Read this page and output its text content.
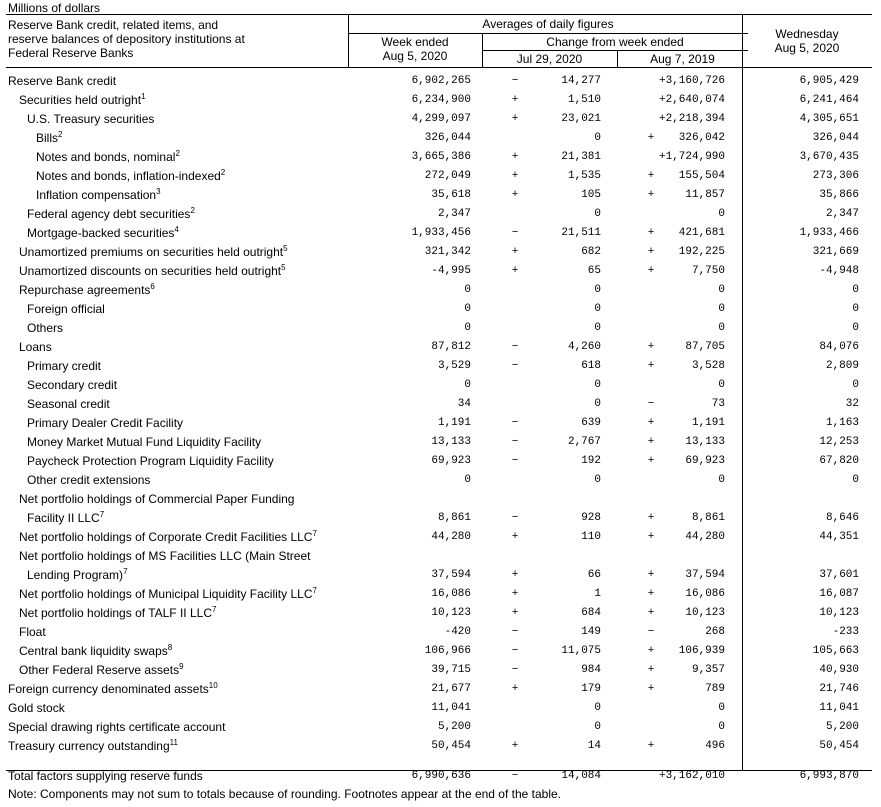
Millions of dollars
Reserve Bank credit, related items, and
reserve balances of depository institutions at
Federal Reserve Banks
Averages of daily figures
Week ended
Aug 5, 2020
Change from week ended
Jul 29, 2020	Aug 7, 2019
Wednesday
Aug 5, 2020
Reserve Bank credit	6,902,265	−	14,277	+3,160,726	6,905,429
Securities held outright$^1$	6,234,900	+	1,510	+2,640,074	6,241,464
U.S. Treasury securities	4,299,097	+	23,021	+2,218,394	4,305,651
Bills$^2$	326,044	0	+	326,042	326,044
Notes and bonds, nominal$^2$	3,665,386	+	21,381	+1,724,990	3,670,435
Notes and bonds, inflation-indexed$^2$	272,049	+	1,535	+	155,504	273,306
Inflation compensation$^3$	35,618	+	105	+	11,857	35,866
Federal agency debt securities$^2$	2,347	0	0	2,347
Mortgage-backed securities$^4$	1,933,456	−	21,511	+	421,681	1,933,466
Unamortized premiums on securities held outright$^5$	321,342	+	682	+	192,225	321,669
Unamortized discounts on securities held outright$^5$	-4,995	+	65	+	7,750	-4,948
Repurchase agreements$^6$	0	0	0	0
Foreign official	0	0	0	0
Others	0	0	0	0
Loans	87,812	−	4,260	+	87,705	84,076
Primary credit	3,529	−	618	+	3,528	2,809
Secondary credit	0	0	0	0
Seasonal credit	34	0	−	73	32
Primary Dealer Credit Facility	1,191	−	639	+	1,191	1,163
Money Market Mutual Fund Liquidity Facility	13,133	−	2,767	+	13,133	12,253
Paycheck Protection Program Liquidity Facility	69,923	−	192	+	69,923	67,820
Other credit extensions	0	0	0	0
Net portfolio holdings of Commercial Paper Funding
Facility II LLC$^7$	8,861	−	928	+	8,861	8,646
Net portfolio holdings of Corporate Credit Facilities LLC$^7$	44,280	+	110	+	44,280	44,351
Net portfolio holdings of MS Facilities LLC (Main Street
Lending Program)$^7$	37,594	+	66	+	37,594	37,601
Net portfolio holdings of Municipal Liquidity Facility LLC$^7$	16,086	+	1	+	16,086	16,087
Net portfolio holdings of TALF II LLC$^7$	10,123	+	684	+	10,123	10,123
Float	-420	−	149	−	268	-233
Central bank liquidity swaps$^8$	106,966	−	11,075	+	106,939	105,663
Other Federal Reserve assets$^9$	39,715	−	984	+	9,357	40,930
Foreign currency denominated assets$^{10}$	21,677	+	179	+	789	21,746
Gold stock	11,041	0	0	11,041
Special drawing rights certificate account	5,200	0	0	5,200
Treasury currency outstanding$^{11}$	50,454	+	14	+	496	50,454
Total factors supplying reserve funds	6,990,636	−	14,084	+3,162,010	6,993,870
Note: Components may not sum to totals because of rounding. Footnotes appear at the end of the table.
